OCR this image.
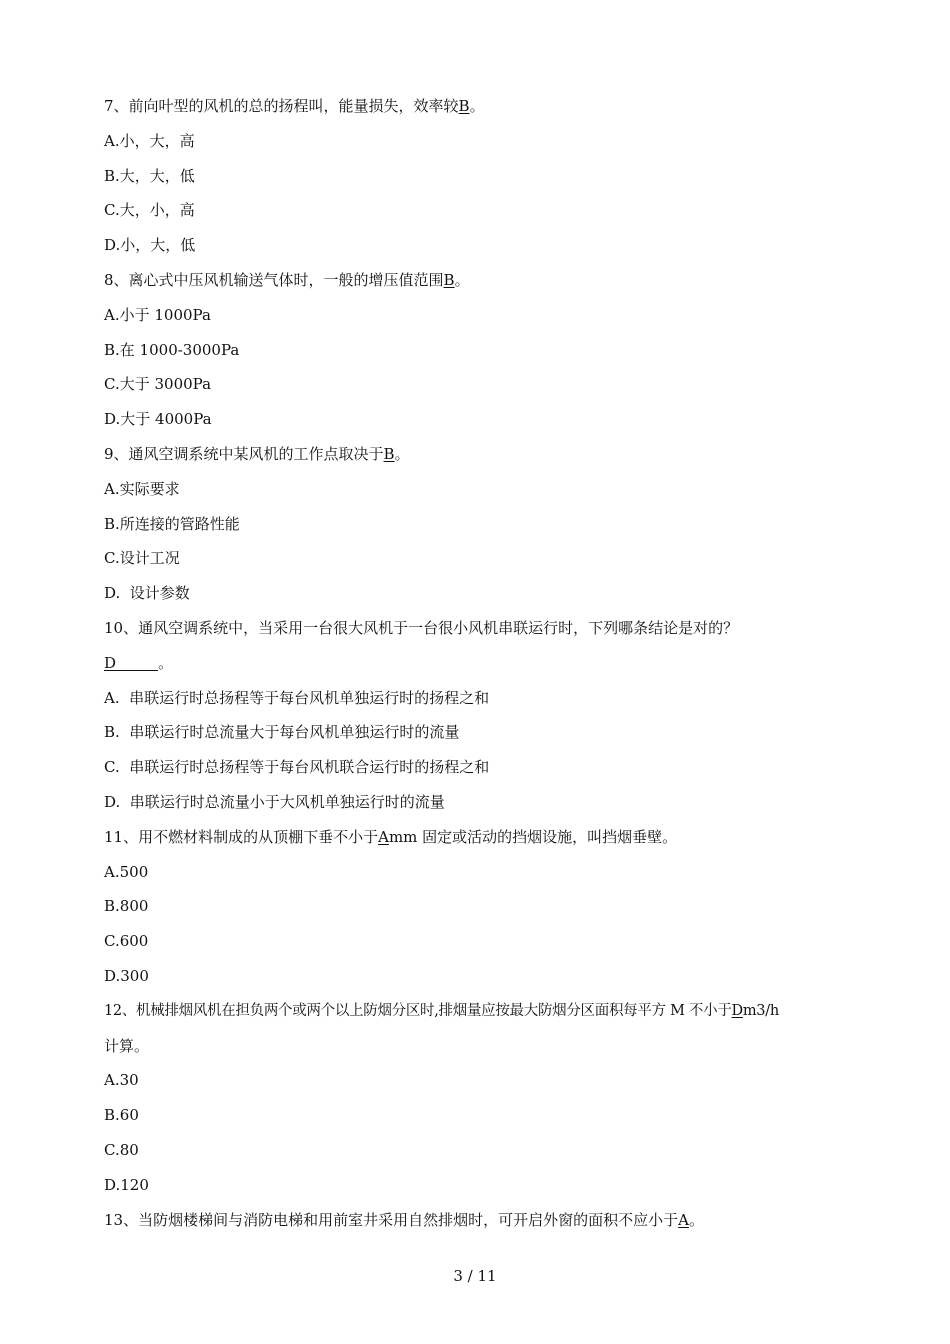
7、前向叶型的风机的总的扬程叫，能量损失，效率较B。
A.小，大，高
B.大，大，低
C.大，小，高
D.小，大，低
8、离心式中压风机输送气体时，一般的增压值范围B。
A.小于 1000Pa
B.在 1000-3000Pa
C.大于 3000Pa
D.大于 4000Pa
9、通风空调系统中某风机的工作点取决于B。
A.实际要求
B.所连接的管路性能
C.设计工况
D.  设计参数
10、通风空调系统中，当采用一台很大风机于一台很小风机串联运行时，下列哪条结论是对的？
D	。
A.  串联运行时总扬程等于每台风机单独运行时的扬程之和
B.  串联运行时总流量大于每台风机单独运行时的流量
C.  串联运行时总扬程等于每台风机联合运行时的扬程之和
D.  串联运行时总流量小于大风机单独运行时的流量
11、用不燃材料制成的从顶棚下垂不小于Amm 固定或活动的挡烟设施，叫挡烟垂壁。
A.500
B.800
C.600
D.300
12、机械排烟风机在担负两个或两个以上防烟分区时,排烟量应按最大防烟分区面积每平方 M 不小于Dm3/h
计算。
A.30
B.60
C.80
D.120
13、当防烟楼梯间与消防电梯和用前室井采用自然排烟时，可开启外窗的面积不应小于A。
3 / 11
